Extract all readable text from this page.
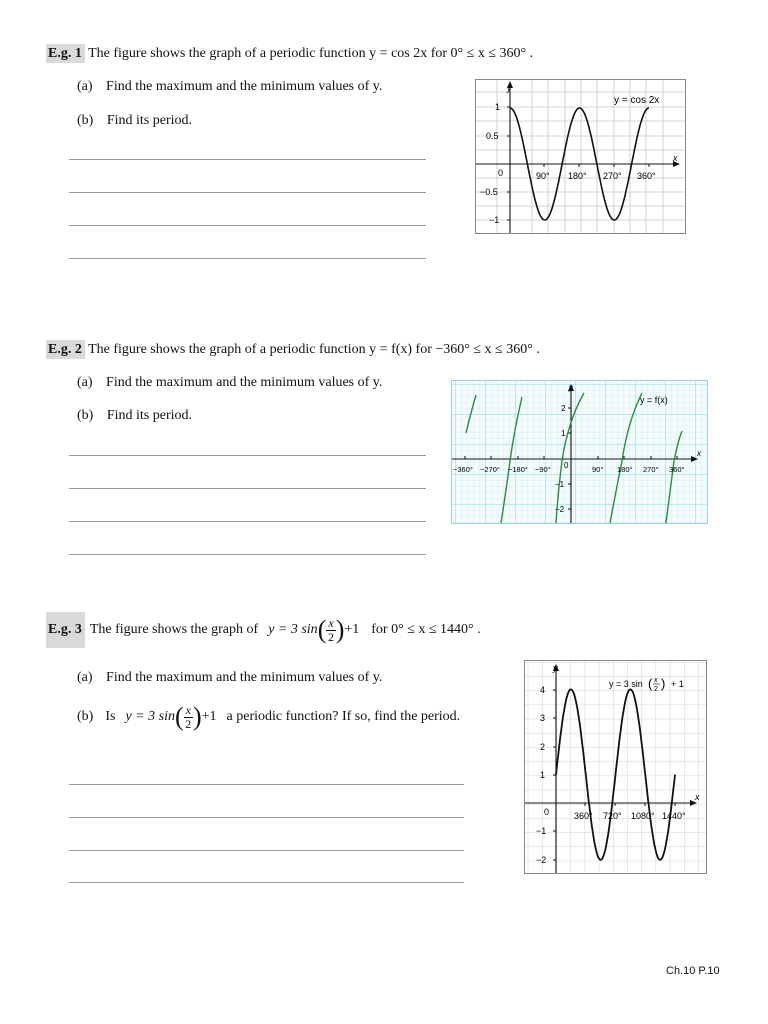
E.g. 1 The figure shows the graph of a periodic function y = cos 2x for 0° ≤ x ≤ 360° .
(a) Find the maximum and the minimum values of y.
(b) Find its period.
y = cos 2x
y
x
0
1
0.5
−0.5
−1
90° 180° 270° 360°
E.g. 2 The figure shows the graph of a periodic function y = f(x) for −360° ≤ x ≤ 360° .
(a) Find the maximum and the minimum values of y.
(b) Find its period.
y = f(x)
y
x
0
2
1
−1
−2
−360° −270° −180° −90°	90° 180° 270° 360°
E.g. 3 The figure shows the graph of y = 3 sin ( $\frac{x}{2}$ ) +1 for 0° ≤ x ≤ 1440° .
(a) Find the maximum and the minimum values of y.
(b) Is y = 3 sin ( $\frac{x}{2}$ ) +1 a periodic function? If so, find the period.
y = 3 sin ( x
2 ) + 1
y
x
0
4
3
2
1
−1
−2
360° 720° 1080° 1440°
Ch.10 P.10
